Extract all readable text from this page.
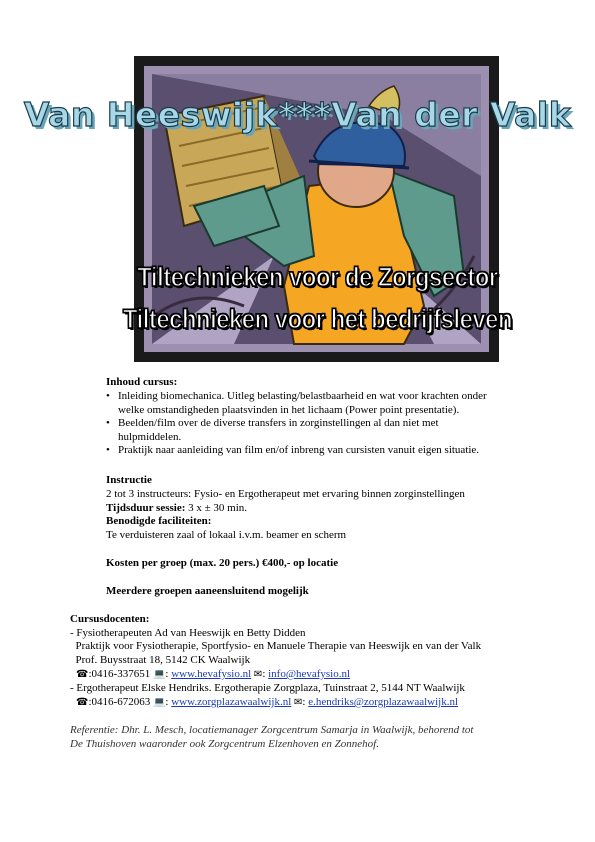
Van Heeswijk***Van der Valk
Tiltechnieken voor de Zorgsector
Tiltechnieken voor het bedrijfsleven
Inhoud cursus:
• Inleiding biomechanica. Uitleg belasting/belastbaarheid en wat voor krachten onder
welke omstandigheden plaatsvinden in het lichaam (Power point presentatie).
• Beelden/film over de diverse transfers in zorginstellingen al dan niet met
hulpmiddelen.
• Praktijk naar aanleiding van film en/of inbreng van cursisten vanuit eigen situatie.
Instructie
2 tot 3 instructeurs: Fysio- en Ergotherapeut met ervaring binnen zorginstellingen
Tijdsduur sessie: 3 x ± 30 min.
Benodigde faciliteiten:
Te verduisteren zaal of lokaal i.v.m. beamer en scherm
Kosten per groep (max. 20 pers.) €400,- op locatie
Meerdere groepen aaneensluitend mogelijk
Cursusdocenten:
- Fysiotherapeuten Ad van Heeswijk en Betty Didden
Praktijk voor Fysiotherapie, Sportfysio- en Manuele Therapie van Heeswijk en van der Valk
Prof. Buysstraat 18, 5142 CK Waalwijk
☎:0416-337651 💻: www.hevafysio.nl ✉: info@hevafysio.nl
- Ergotherapeut Elske Hendriks. Ergotherapie Zorgplaza, Tuinstraat 2, 5144 NT Waalwijk
☎:0416-672063 💻: www.zorgplazawaalwijk.nl ✉: e.hendriks@zorgplazawaalwijk.nl
Referentie: Dhr. L. Mesch, locatiemanager Zorgcentrum Samarja in Waalwijk, behorend tot
De Thuishoven waaronder ook Zorgcentrum Elzenhoven en Zonnehof.
